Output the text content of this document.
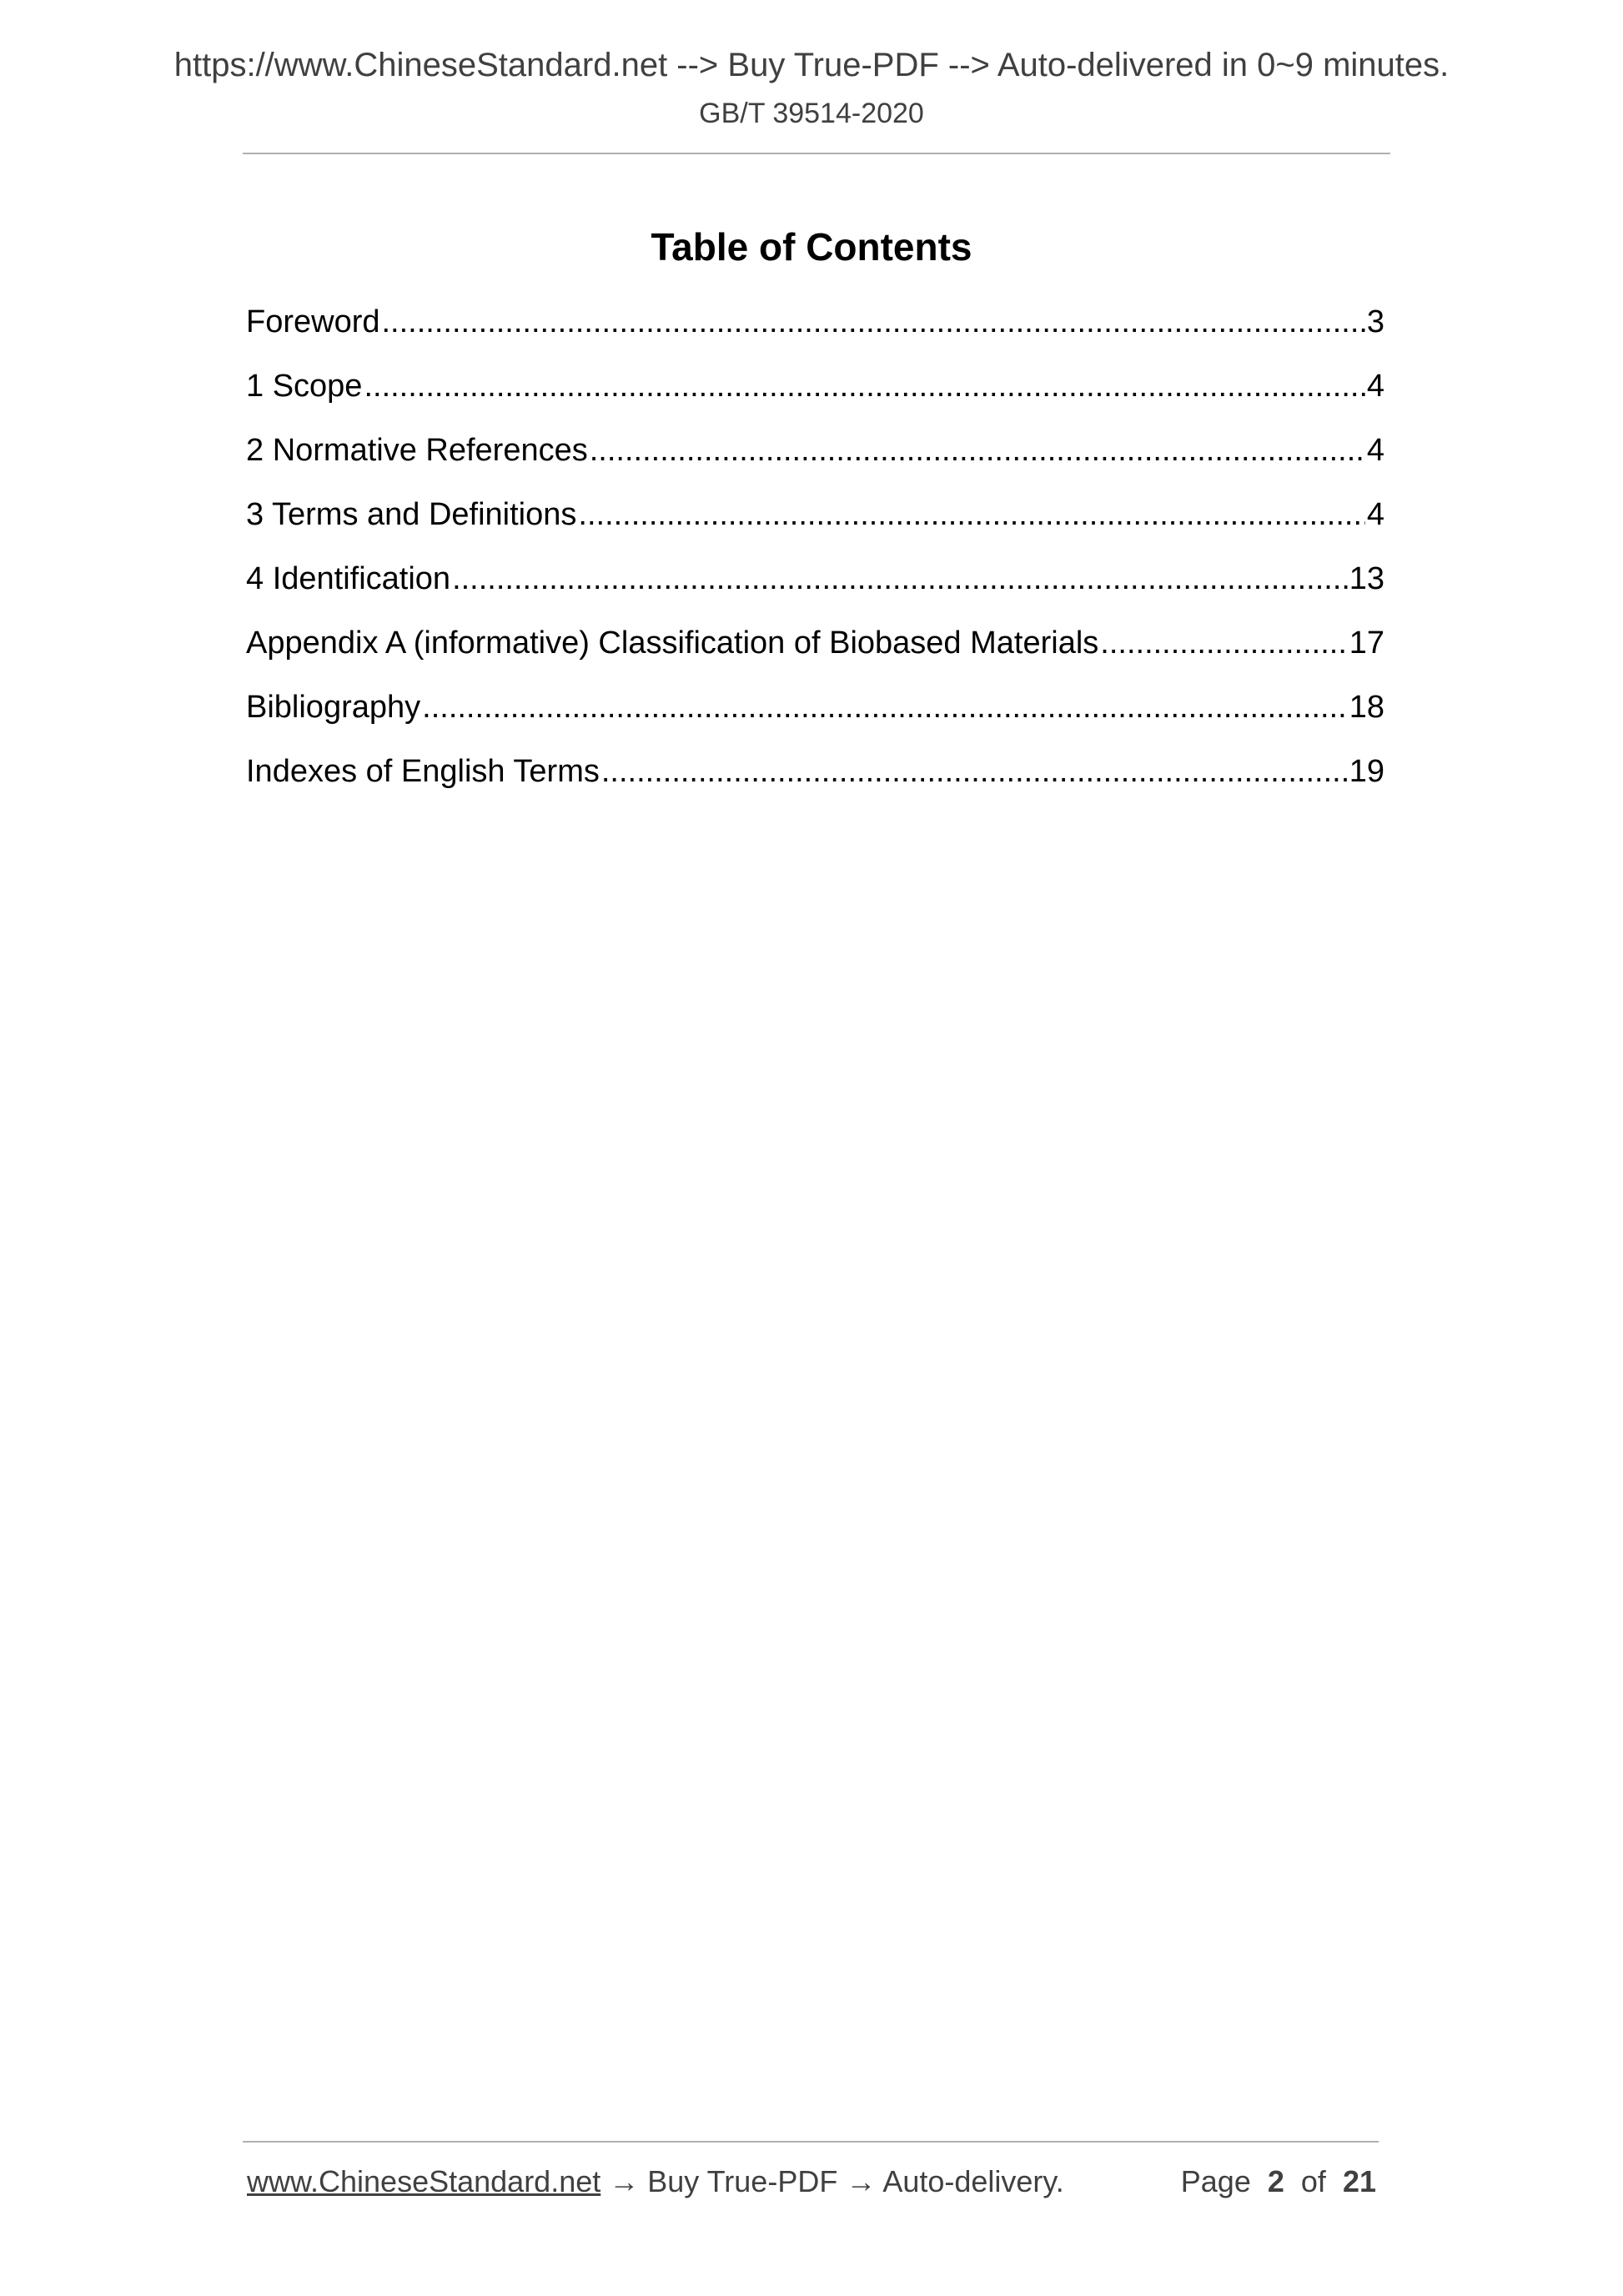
https://www.ChineseStandard.net --> Buy True-PDF --> Auto-delivered in 0~9 minutes.
GB/T 39514-2020
Table of Contents
Foreword .....	3
1 Scope .....	4
2 Normative References .....	4
3 Terms and Definitions .....	4
4 Identification .....	13
Appendix A (informative) Classification of Biobased Materials .....	17
Bibliography .....	18
Indexes of English Terms .....	19
www.ChineseStandard.net → Buy True-PDF → Auto-delivery.	Page 2 of 21
